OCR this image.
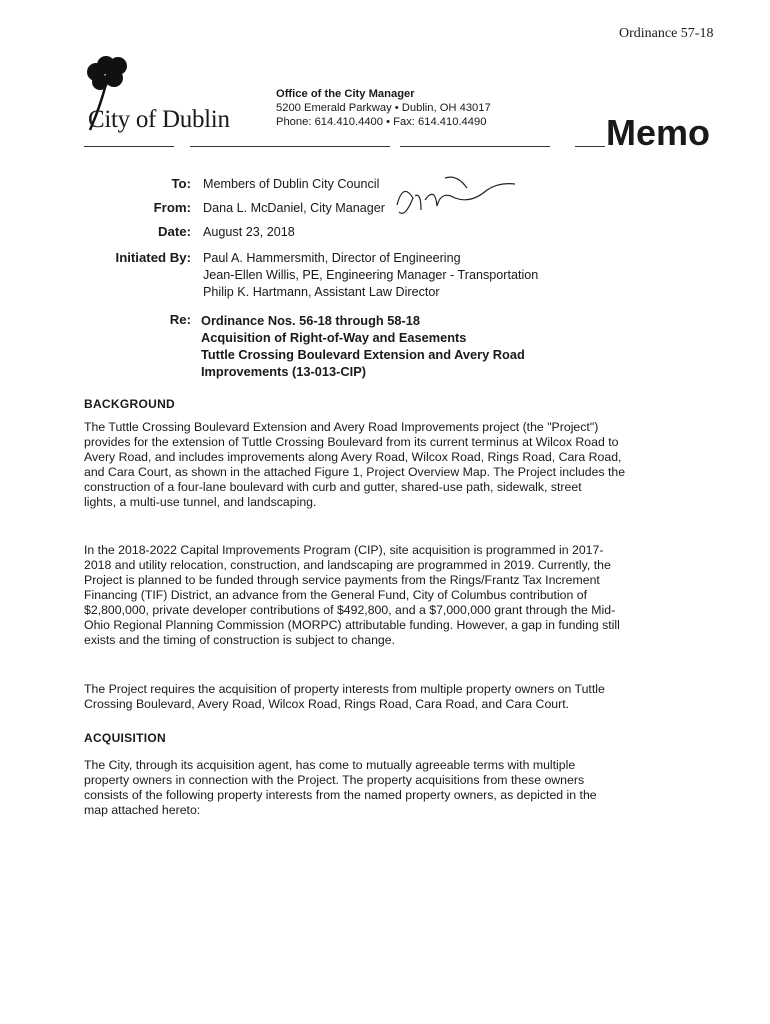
Ordinance 57-18
City of Dublin
Office of the City Manager
5200 Emerald Parkway • Dublin, OH 43017
Phone: 614.410.4400 • Fax: 614.410.4490	Memo
To: Members of Dublin City Council
From: Dana L. McDaniel, City Manager
Date: August 23, 2018
Initiated By: Paul A. Hammersmith, Director of Engineering
Jean-Ellen Willis, PE, Engineering Manager - Transportation
Philip K. Hartmann, Assistant Law Director
Re: Ordinance Nos. 56-18 through 58-18
Acquisition of Right-of-Way and Easements
Tuttle Crossing Boulevard Extension and Avery Road
Improvements (13-013-CIP)
BACKGROUND
The Tuttle Crossing Boulevard Extension and Avery Road Improvements project (the "Project")
provides for the extension of Tuttle Crossing Boulevard from its current terminus at Wilcox Road to
Avery Road, and includes improvements along Avery Road, Wilcox Road, Rings Road, Cara Road,
and Cara Court, as shown in the attached Figure 1, Project Overview Map. The Project includes the
construction of a four-lane boulevard with curb and gutter, shared-use path, sidewalk, street
lights, a multi-use tunnel, and landscaping.
In the 2018-2022 Capital Improvements Program (CIP), site acquisition is programmed in 2017-
2018 and utility relocation, construction, and landscaping are programmed in 2019. Currently, the
Project is planned to be funded through service payments from the Rings/Frantz Tax Increment
Financing (TIF) District, an advance from the General Fund, City of Columbus contribution of
$2,800,000, private developer contributions of $492,800, and a $7,000,000 grant through the Mid-
Ohio Regional Planning Commission (MORPC) attributable funding. However, a gap in funding still
exists and the timing of construction is subject to change.
The Project requires the acquisition of property interests from multiple property owners on Tuttle
Crossing Boulevard, Avery Road, Wilcox Road, Rings Road, Cara Road, and Cara Court.
ACQUISITION
The City, through its acquisition agent, has come to mutually agreeable terms with multiple
property owners in connection with the Project. The property acquisitions from these owners
consists of the following property interests from the named property owners, as depicted in the
map attached hereto:
